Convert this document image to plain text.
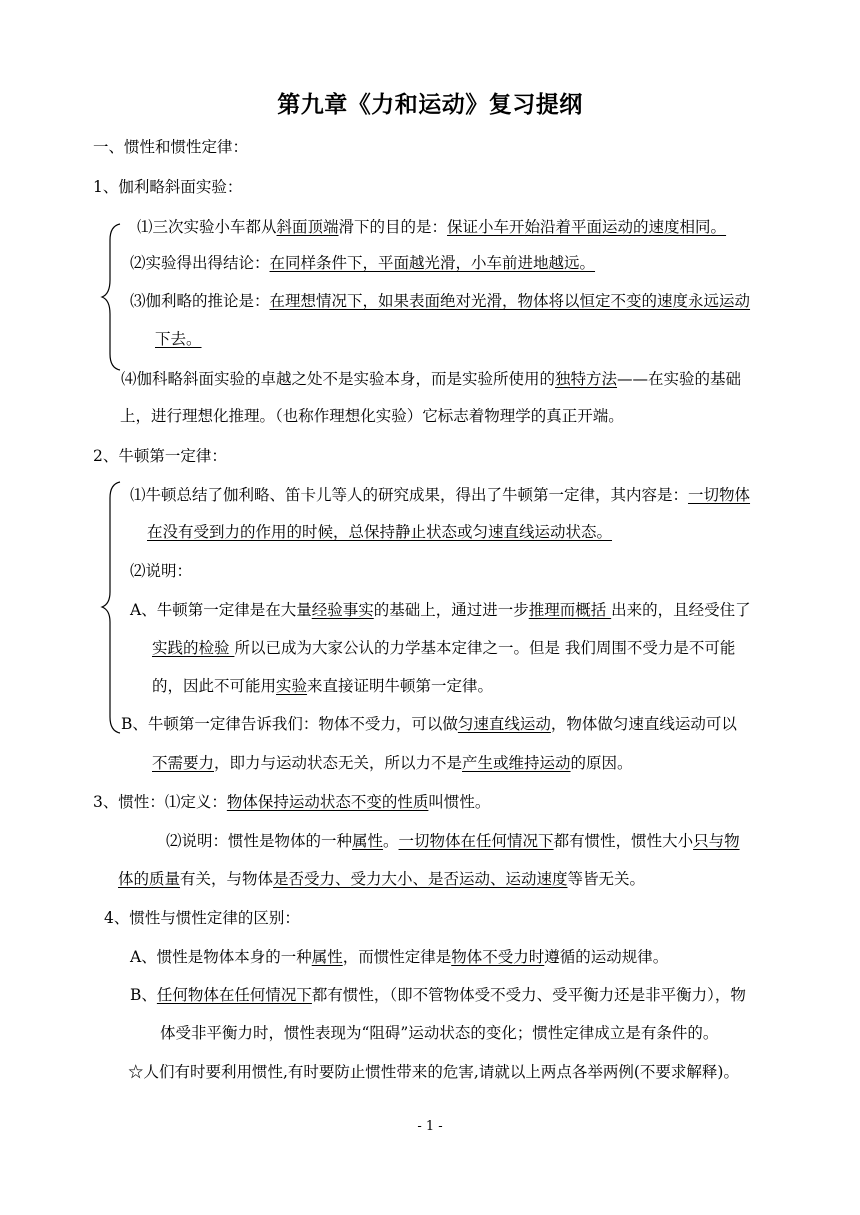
第九章《力和运动》复习提纲
一、惯性和惯性定律：
1、伽利略斜面实验：
⑴三次实验小车都从斜面顶端滑下的目的是：保证小车开始沿着平面运动的速度相同。
⑵实验得出得结论：在同样条件下，平面越光滑，小车前进地越远。
⑶伽利略的推论是：在理想情况下，如果表面绝对光滑，物体将以恒定不变的速度永远运动
下去。
⑷伽科略斜面实验的卓越之处不是实验本身，而是实验所使用的独特方法——在实验的基础
上，进行理想化推理。（也称作理想化实验）它标志着物理学的真正开端。
2、牛顿第一定律：
⑴牛顿总结了伽利略、笛卡儿等人的研究成果，得出了牛顿第一定律，其内容是：一切物体
在没有受到力的作用的时候，总保持静止状态或匀速直线运动状态。
⑵说明：
A、牛顿第一定律是在大量经验事实的基础上，通过进一步推理而概括 出来的，且经受住了
实践的检验 所以已成为大家公认的力学基本定律之一。但是 我们周围不受力是不可能
的，因此不可能用实验来直接证明牛顿第一定律。
B、牛顿第一定律告诉我们：物体不受力，可以做匀速直线运动，物体做匀速直线运动可以
不需要力，即力与运动状态无关，所以力不是产生或维持运动的原因。
3、惯性：⑴定义：物体保持运动状态不变的性质叫惯性。
⑵说明：惯性是物体的一种属性。一切物体在任何情况下都有惯性，惯性大小只与物
体的质量有关，与物体是否受力、受力大小、是否运动、运动速度等皆无关。
4、惯性与惯性定律的区别：
A、惯性是物体本身的一种属性，而惯性定律是物体不受力时遵循的运动规律。
B、任何物体在任何情况下都有惯性，（即不管物体受不受力、受平衡力还是非平衡力），物
体受非平衡力时，惯性表现为“阻碍”运动状态的变化；惯性定律成立是有条件的。
☆人们有时要利用惯性,有时要防止惯性带来的危害,请就以上两点各举两例(不要求解释)。
- 1 -
